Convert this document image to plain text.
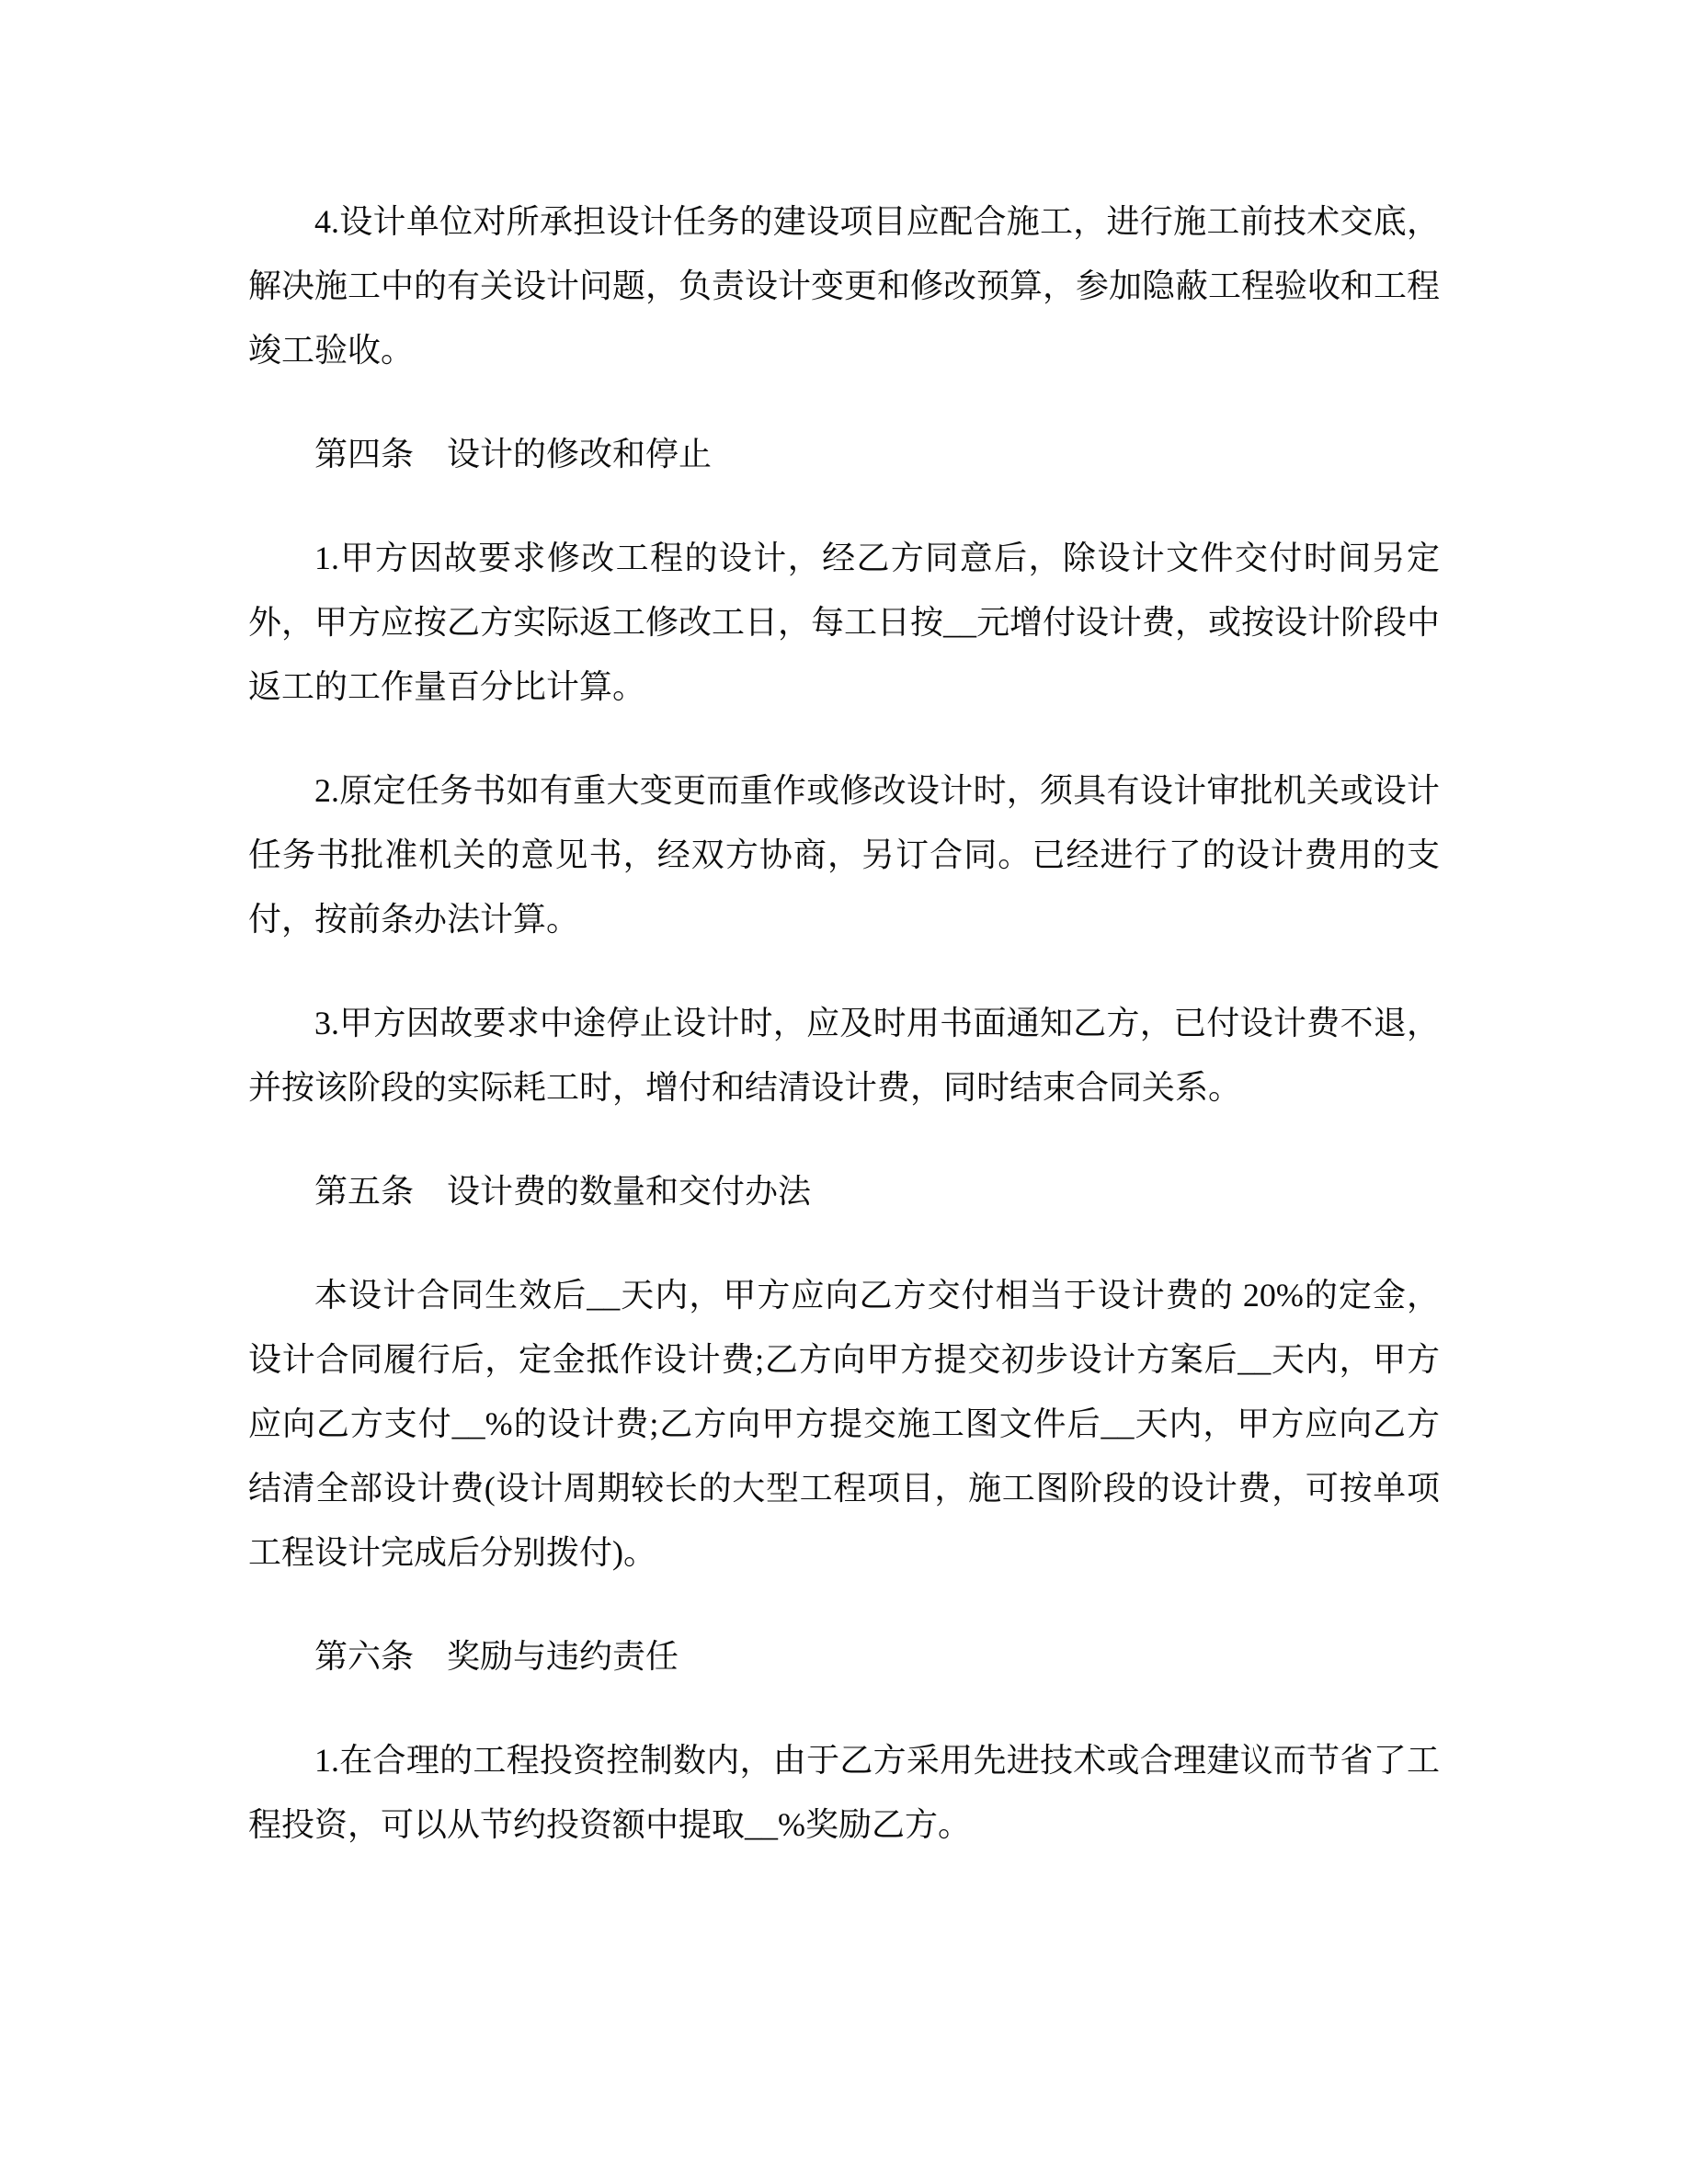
4.设计单位对所承担设计任务的建设项目应配合施工，进行施工前技术交底，解决施工中的有关设计问题，负责设计变更和修改预算，参加隐蔽工程验收和工程竣工验收。

第四条　设计的修改和停止

1.甲方因故要求修改工程的设计，经乙方同意后，除设计文件交付时间另定外，甲方应按乙方实际返工修改工日，每工日按__元增付设计费，或按设计阶段中返工的工作量百分比计算。

2.原定任务书如有重大变更而重作或修改设计时，须具有设计审批机关或设计任务书批准机关的意见书，经双方协商，另订合同。已经进行了的设计费用的支付，按前条办法计算。

3.甲方因故要求中途停止设计时，应及时用书面通知乙方，已付设计费不退，并按该阶段的实际耗工时，增付和结清设计费，同时结束合同关系。

第五条　设计费的数量和交付办法

本设计合同生效后__天内，甲方应向乙方交付相当于设计费的 20%的定金，设计合同履行后，定金抵作设计费;乙方向甲方提交初步设计方案后__天内，甲方应向乙方支付__%的设计费;乙方向甲方提交施工图文件后__天内，甲方应向乙方结清全部设计费(设计周期较长的大型工程项目，施工图阶段的设计费，可按单项工程设计完成后分别拨付)。

第六条　奖励与违约责任

1.在合理的工程投资控制数内，由于乙方采用先进技术或合理建议而节省了工程投资，可以从节约投资额中提取__%奖励乙方。
